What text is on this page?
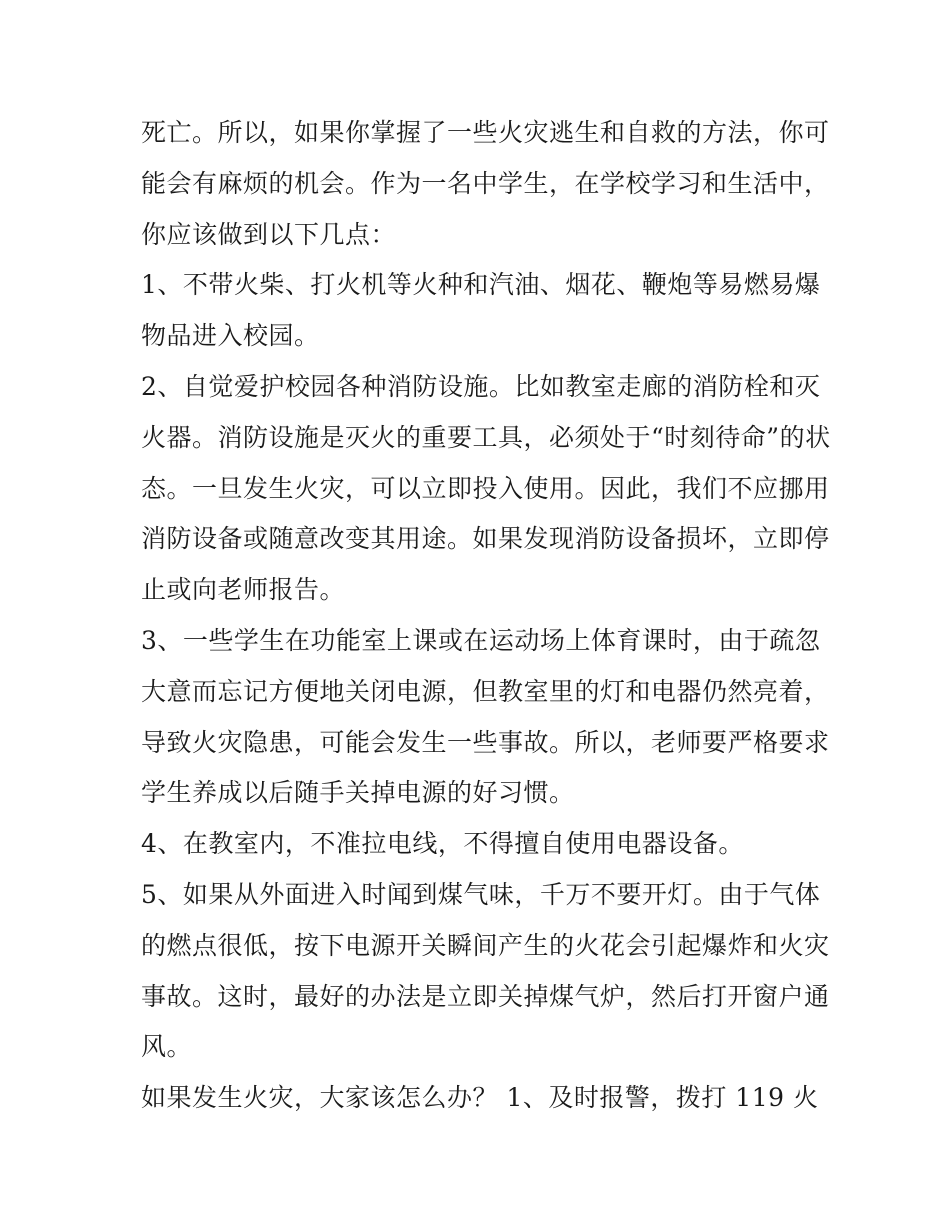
死亡。所以，如果你掌握了一些火灾逃生和自救的方法，你可
能会有麻烦的机会。作为一名中学生，在学校学习和生活中，
你应该做到以下几点：
1、不带火柴、打火机等火种和汽油、烟花、鞭炮等易燃易爆
物品进入校园。
2、自觉爱护校园各种消防设施。比如教室走廊的消防栓和灭
火器。消防设施是灭火的重要工具，必须处于“时刻待命”的状
态。一旦发生火灾，可以立即投入使用。因此，我们不应挪用
消防设备或随意改变其用途。如果发现消防设备损坏，立即停
止或向老师报告。
3、一些学生在功能室上课或在运动场上体育课时，由于疏忽
大意而忘记方便地关闭电源，但教室里的灯和电器仍然亮着，
导致火灾隐患，可能会发生一些事故。所以，老师要严格要求
学生养成以后随手关掉电源的好习惯。
4、在教室内，不准拉电线，不得擅自使用电器设备。
5、如果从外面进入时闻到煤气味，千万不要开灯。由于气体
的燃点很低，按下电源开关瞬间产生的火花会引起爆炸和火灾
事故。这时，最好的办法是立即关掉煤气炉，然后打开窗户通
风。
如果发生火灾，大家该怎么办？ 1、及时报警，拨打 119 火
